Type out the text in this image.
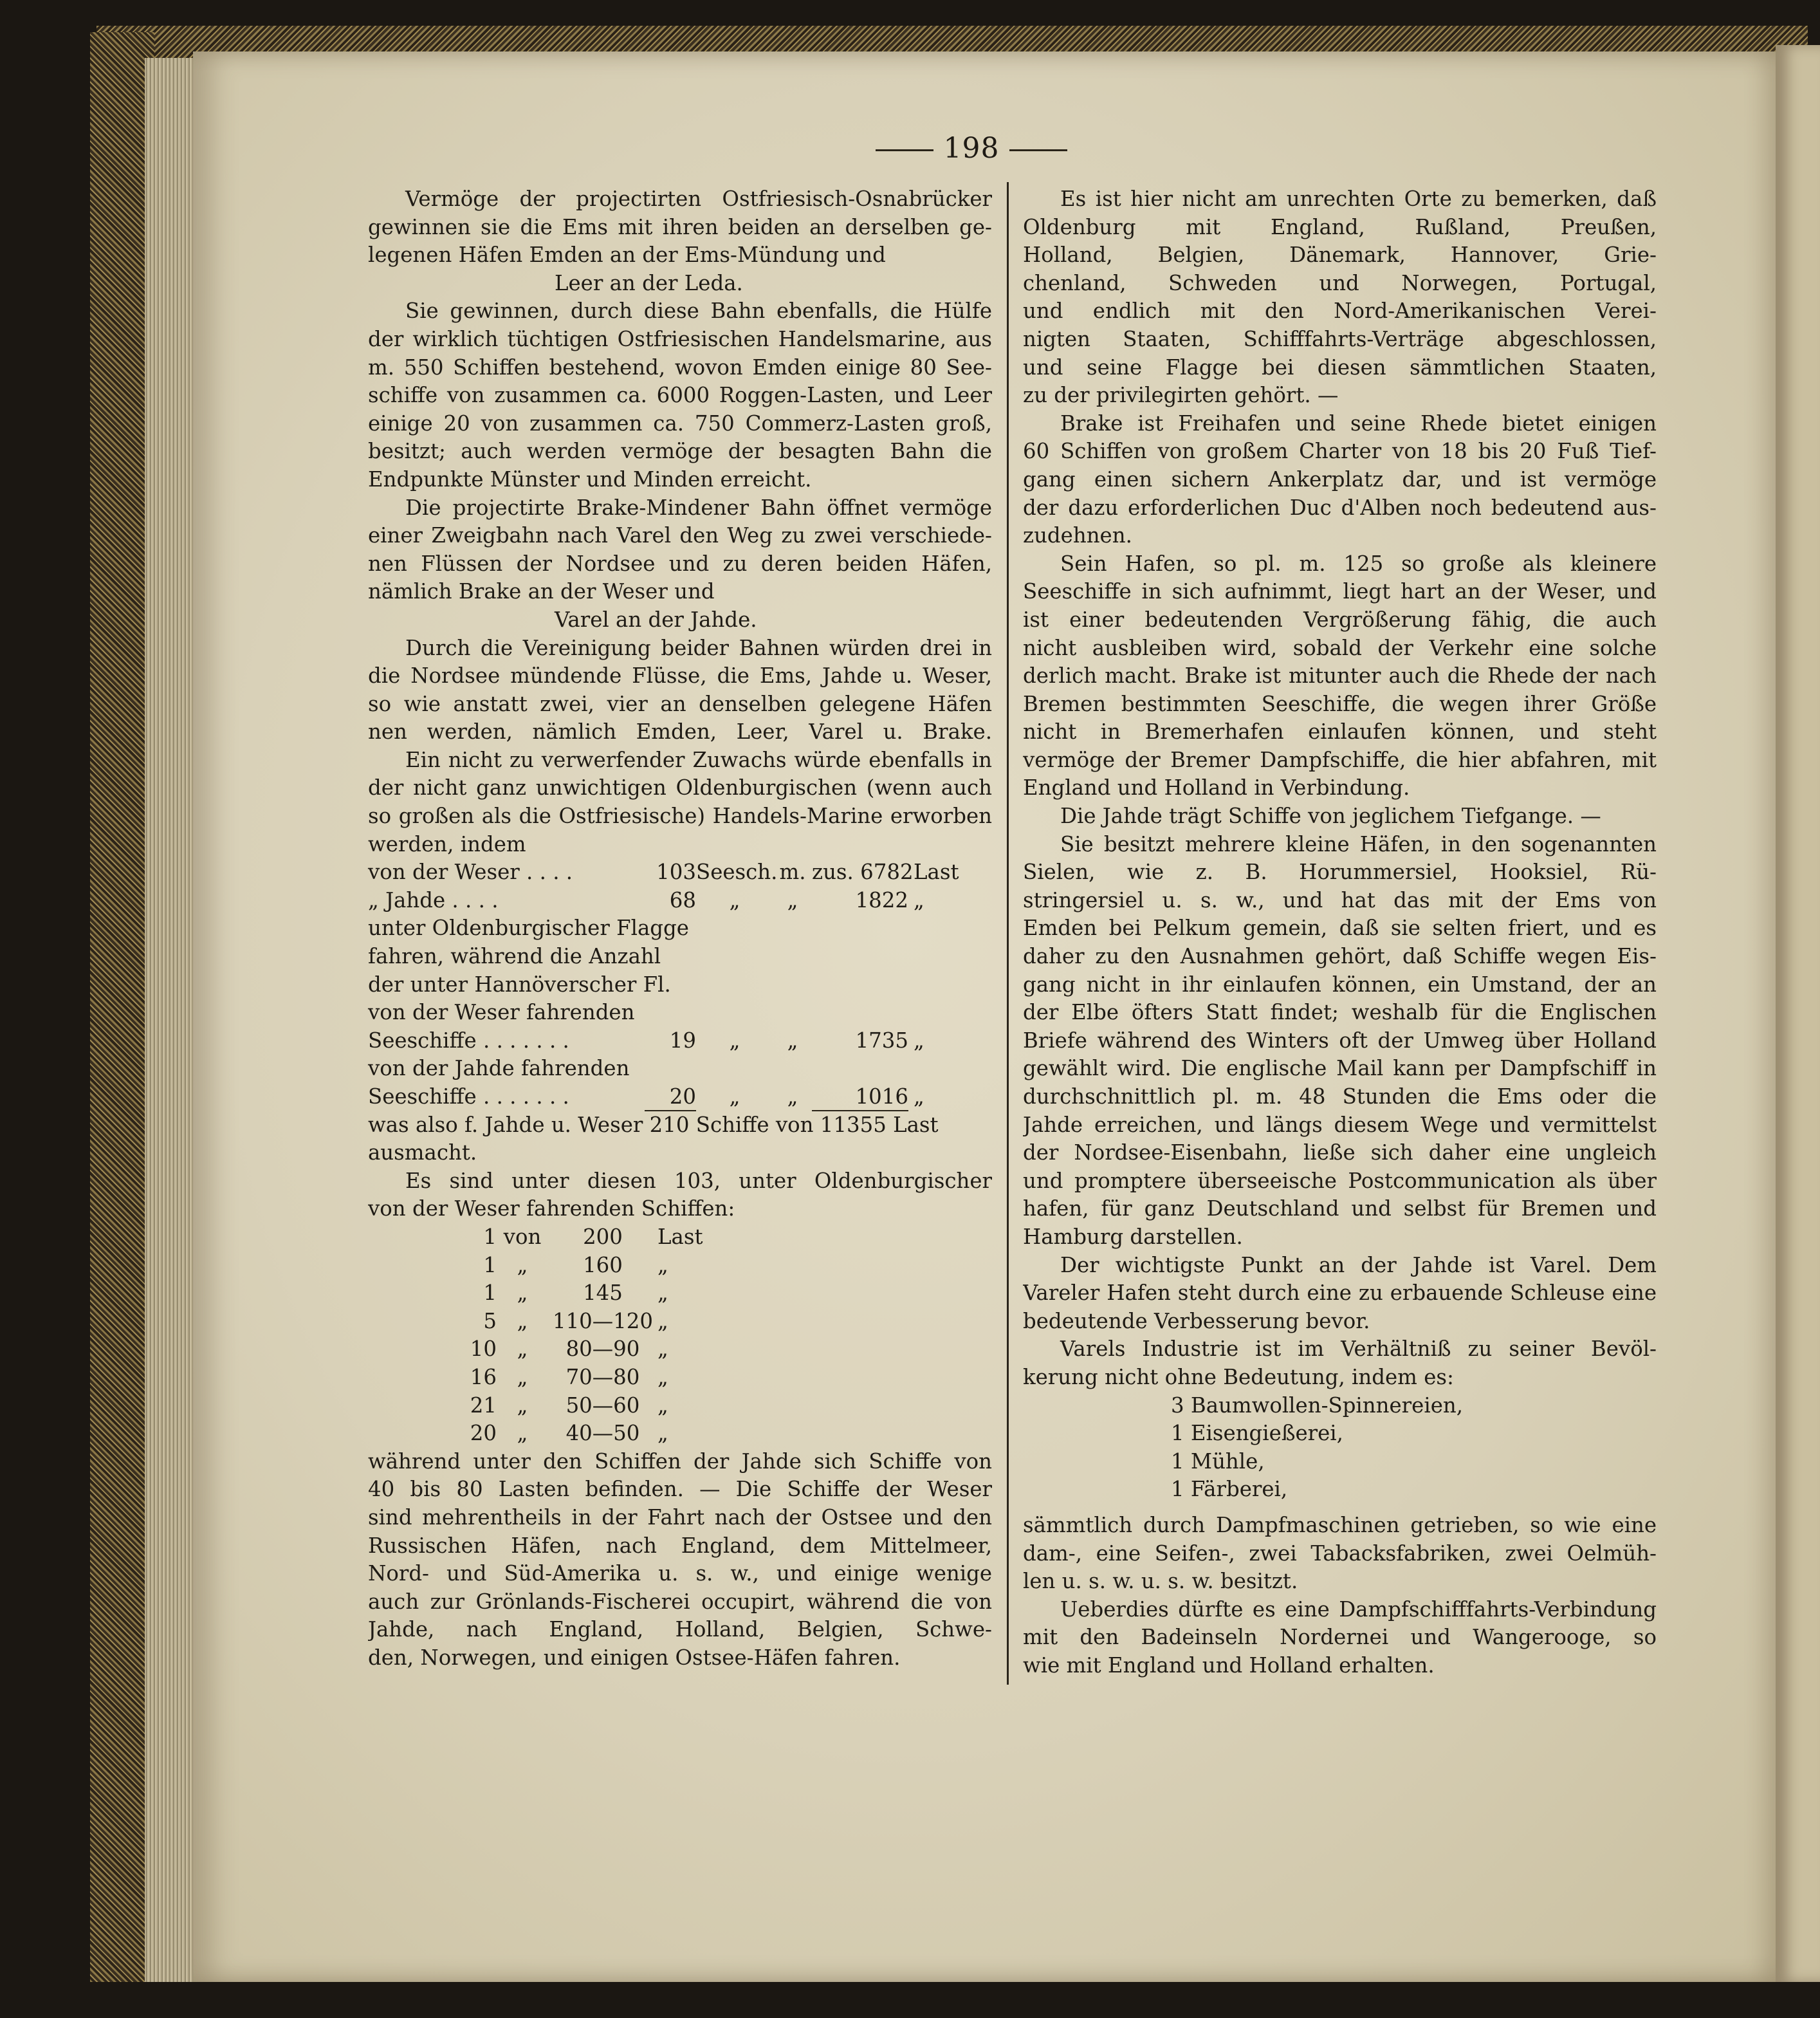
198
Vermöge der projectirten Ostfriesisch-Osnabrücker
gewinnen sie die Ems mit ihren beiden an derselben ge-
legenen Häfen Emden an der Ems-Mündung und
Leer an der Leda.
Sie gewinnen, durch diese Bahn ebenfalls, die Hülfe
der wirklich tüchtigen Ostfriesischen Handelsmarine, aus
m. 550 Schiffen bestehend, wovon Emden einige 80 See-
schiffe von zusammen ca. 6000 Roggen-Lasten, und Leer
einige 20 von zusammen ca. 750 Commerz-Lasten groß,
besitzt; auch werden vermöge der besagten Bahn die
Endpunkte Münster und Minden erreicht.
Die projectirte Brake-Mindener Bahn öffnet vermöge
einer Zweigbahn nach Varel den Weg zu zwei verschiede-
nen Flüssen der Nordsee und zu deren beiden Häfen,
nämlich Brake an der Weser und
Varel an der Jahde.
Durch die Vereinigung beider Bahnen würden drei in
die Nordsee mündende Flüsse, die Ems, Jahde u. Weser,
so wie anstatt zwei, vier an denselben gelegene Häfen
nen werden, nämlich Emden, Leer, Varel u. Brake.
Ein nicht zu verwerfender Zuwachs würde ebenfalls in
der nicht ganz unwichtigen Oldenburgischen (wenn auch
so großen als die Ostfriesische) Handels-Marine erworben
werden, indem
von der Weser . . . .	103 Seesch. m. zus. 6782 Last
„ Jahde . . . .	68	„	„	1822 „
unter Oldenburgischer Flagge
fahren, während die Anzahl
der unter Hannöverscher Fl.
von der Weser fahrenden
Seeschiffe . . . . . . .	19	„	„	1735 „
von der Jahde fahrenden
Seeschiffe . . . . . . .	20	„	„	1016 „
was also f. Jahde u. Weser 210 Schiffe von 11355 Last
ausmacht.
Es sind unter diesen 103, unter Oldenburgischer
von der Weser fahrenden Schiffen:
1 von	200	Last
1 „	160	„
1 „	145	„
5 „	110—120 „
10 „	80—90 „
16 „	70—80 „
21 „	50—60 „
20 „	40—50 „
während unter den Schiffen der Jahde sich Schiffe von
40 bis 80 Lasten befinden. — Die Schiffe der Weser
sind mehrentheils in der Fahrt nach der Ostsee und den
Russischen Häfen, nach England, dem Mittelmeer,
Nord- und Süd-Amerika u. s. w., und einige wenige
auch zur Grönlands-Fischerei occupirt, während die von
Jahde, nach England, Holland, Belgien, Schwe-
den, Norwegen, und einigen Ostsee-Häfen fahren.
Es ist hier nicht am unrechten Orte zu bemerken, daß
Oldenburg mit England, Rußland, Preußen,
Holland, Belgien, Dänemark, Hannover, Grie-
chenland, Schweden und Norwegen, Portugal,
und endlich mit den Nord-Amerikanischen Verei-
nigten Staaten, Schifffahrts-Verträge abgeschlossen,
und seine Flagge bei diesen sämmtlichen Staaten,
zu der privilegirten gehört. —
Brake ist Freihafen und seine Rhede bietet einigen
60 Schiffen von großem Charter von 18 bis 20 Fuß Tief-
gang einen sichern Ankerplatz dar, und ist vermöge
der dazu erforderlichen Duc d'Alben noch bedeutend aus-
zudehnen.
Sein Hafen, so pl. m. 125 so große als kleinere
Seeschiffe in sich aufnimmt, liegt hart an der Weser, und
ist einer bedeutenden Vergrößerung fähig, die auch
nicht ausbleiben wird, sobald der Verkehr eine solche
derlich macht. Brake ist mitunter auch die Rhede der nach
Bremen bestimmten Seeschiffe, die wegen ihrer Größe
nicht in Bremerhafen einlaufen können, und steht
vermöge der Bremer Dampfschiffe, die hier abfahren, mit
England und Holland in Verbindung.
Die Jahde trägt Schiffe von jeglichem Tiefgange. —
Sie besitzt mehrere kleine Häfen, in den sogenannten
Sielen, wie z. B. Horummersiel, Hooksiel, Rü-
stringersiel u. s. w., und hat das mit der Ems von
Emden bei Pelkum gemein, daß sie selten friert, und es
daher zu den Ausnahmen gehört, daß Schiffe wegen Eis-
gang nicht in ihr einlaufen können, ein Umstand, der an
der Elbe öfters Statt findet; weshalb für die Englischen
Briefe während des Winters oft der Umweg über Holland
gewählt wird. Die englische Mail kann per Dampfschiff in
durchschnittlich pl. m. 48 Stunden die Ems oder die
Jahde erreichen, und längs diesem Wege und vermittelst
der Nordsee-Eisenbahn, ließe sich daher eine ungleich
und promptere überseeische Postcommunication als über
hafen, für ganz Deutschland und selbst für Bremen und
Hamburg darstellen.
Der wichtigste Punkt an der Jahde ist Varel. Dem
Vareler Hafen steht durch eine zu erbauende Schleuse eine
bedeutende Verbesserung bevor.
Varels Industrie ist im Verhältniß zu seiner Bevöl-
kerung nicht ohne Bedeutung, indem es:
3 Baumwollen-Spinnereien,
1 Eisengießerei,
1 Mühle,
1 Färberei,
sämmtlich durch Dampfmaschinen getrieben, so wie eine
dam-, eine Seifen-, zwei Tabacksfabriken, zwei Oelmüh-
len u. s. w. u. s. w. besitzt.
Ueberdies dürfte es eine Dampfschifffahrts-Verbindung
mit den Badeinseln Nordernei und Wangerooge, so
wie mit England und Holland erhalten.
